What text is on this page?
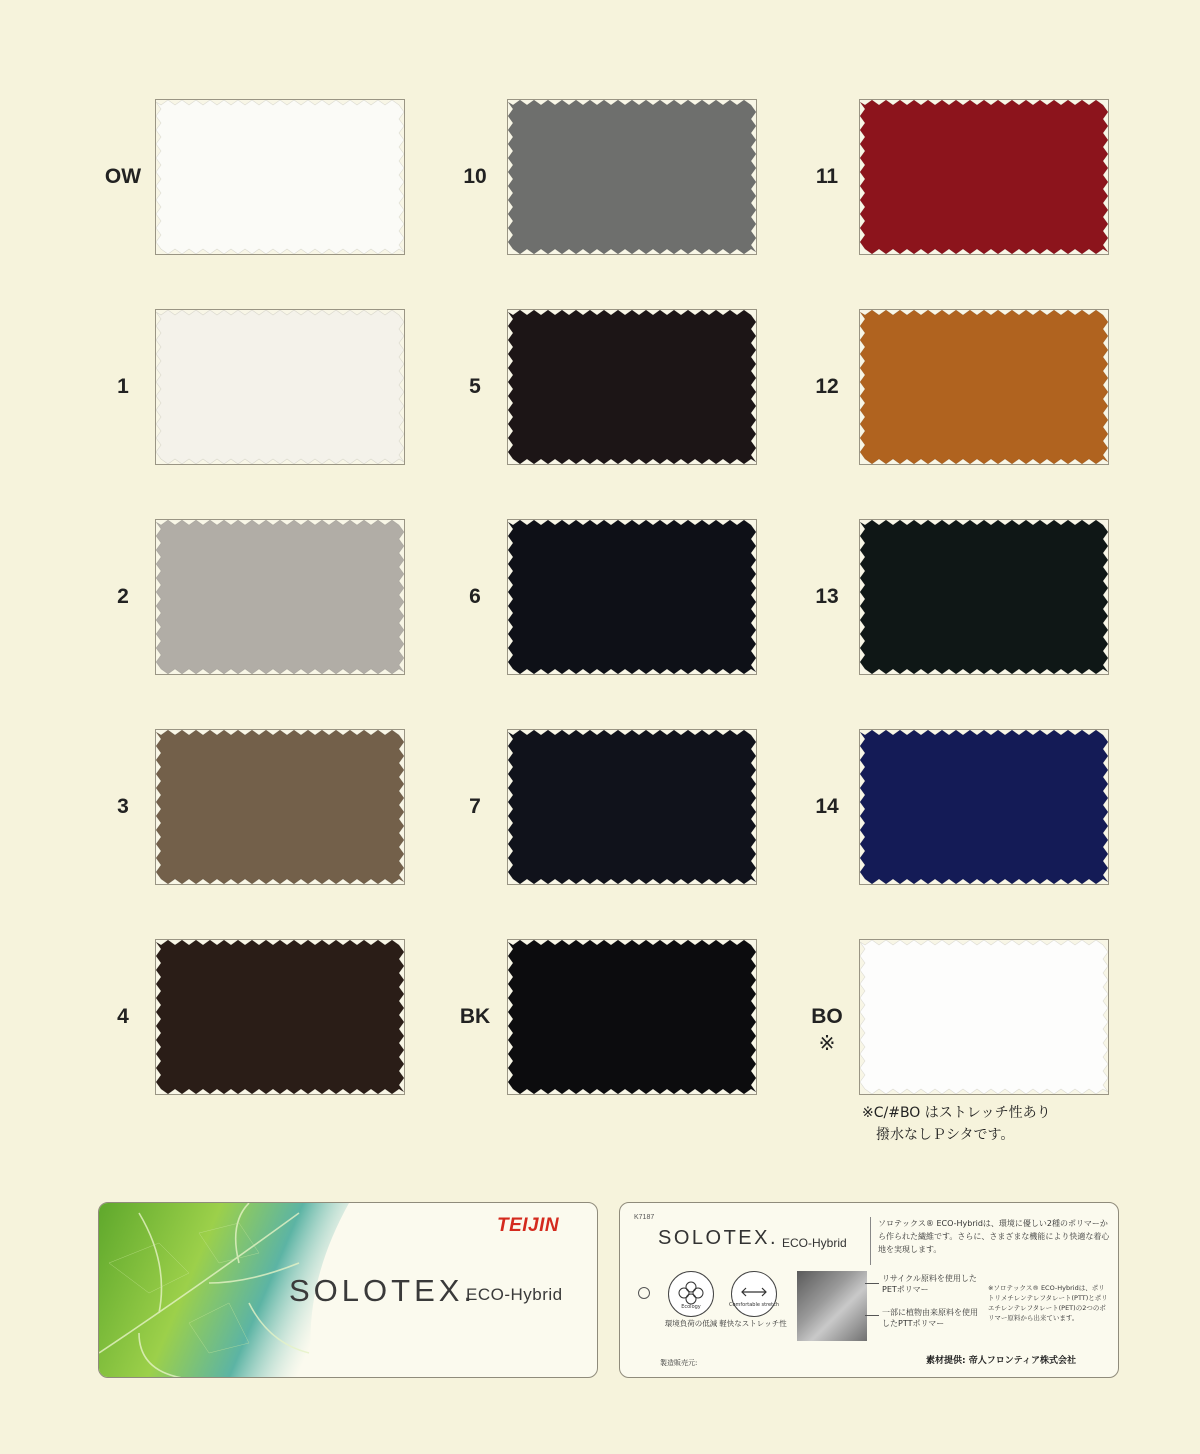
OW	10	11
1	5	12
2	6	13
3	7	14
4	BK	BO
※
※C/#BO はストレッチ性あり
撥水なしＰシタです。
TEIJIN
SOLOTEX.
ECO-Hybrid
K7187
SOLOTEX. ECO-Hybrid
ソロテックス® ECO-Hybridは、環境に優しい2種のポリマーから作られた繊維です。さらに、さまざまな機能により快適な着心地を実現します。
Ecology
環境負荷の低減
Comfortable stretch
軽快なストレッチ性
リサイクル原料を使用したPETポリマー
一部に植物由来原料を使用したPTTポリマー
※ソロテックス® ECO-Hybridは、ポリトリメチレンテレフタレート(PTT)とポリエチレンテレフタレート(PET)の2つのポリマー原料から出来ています。
製造販売元:	素材提供: 帝人フロンティア株式会社
